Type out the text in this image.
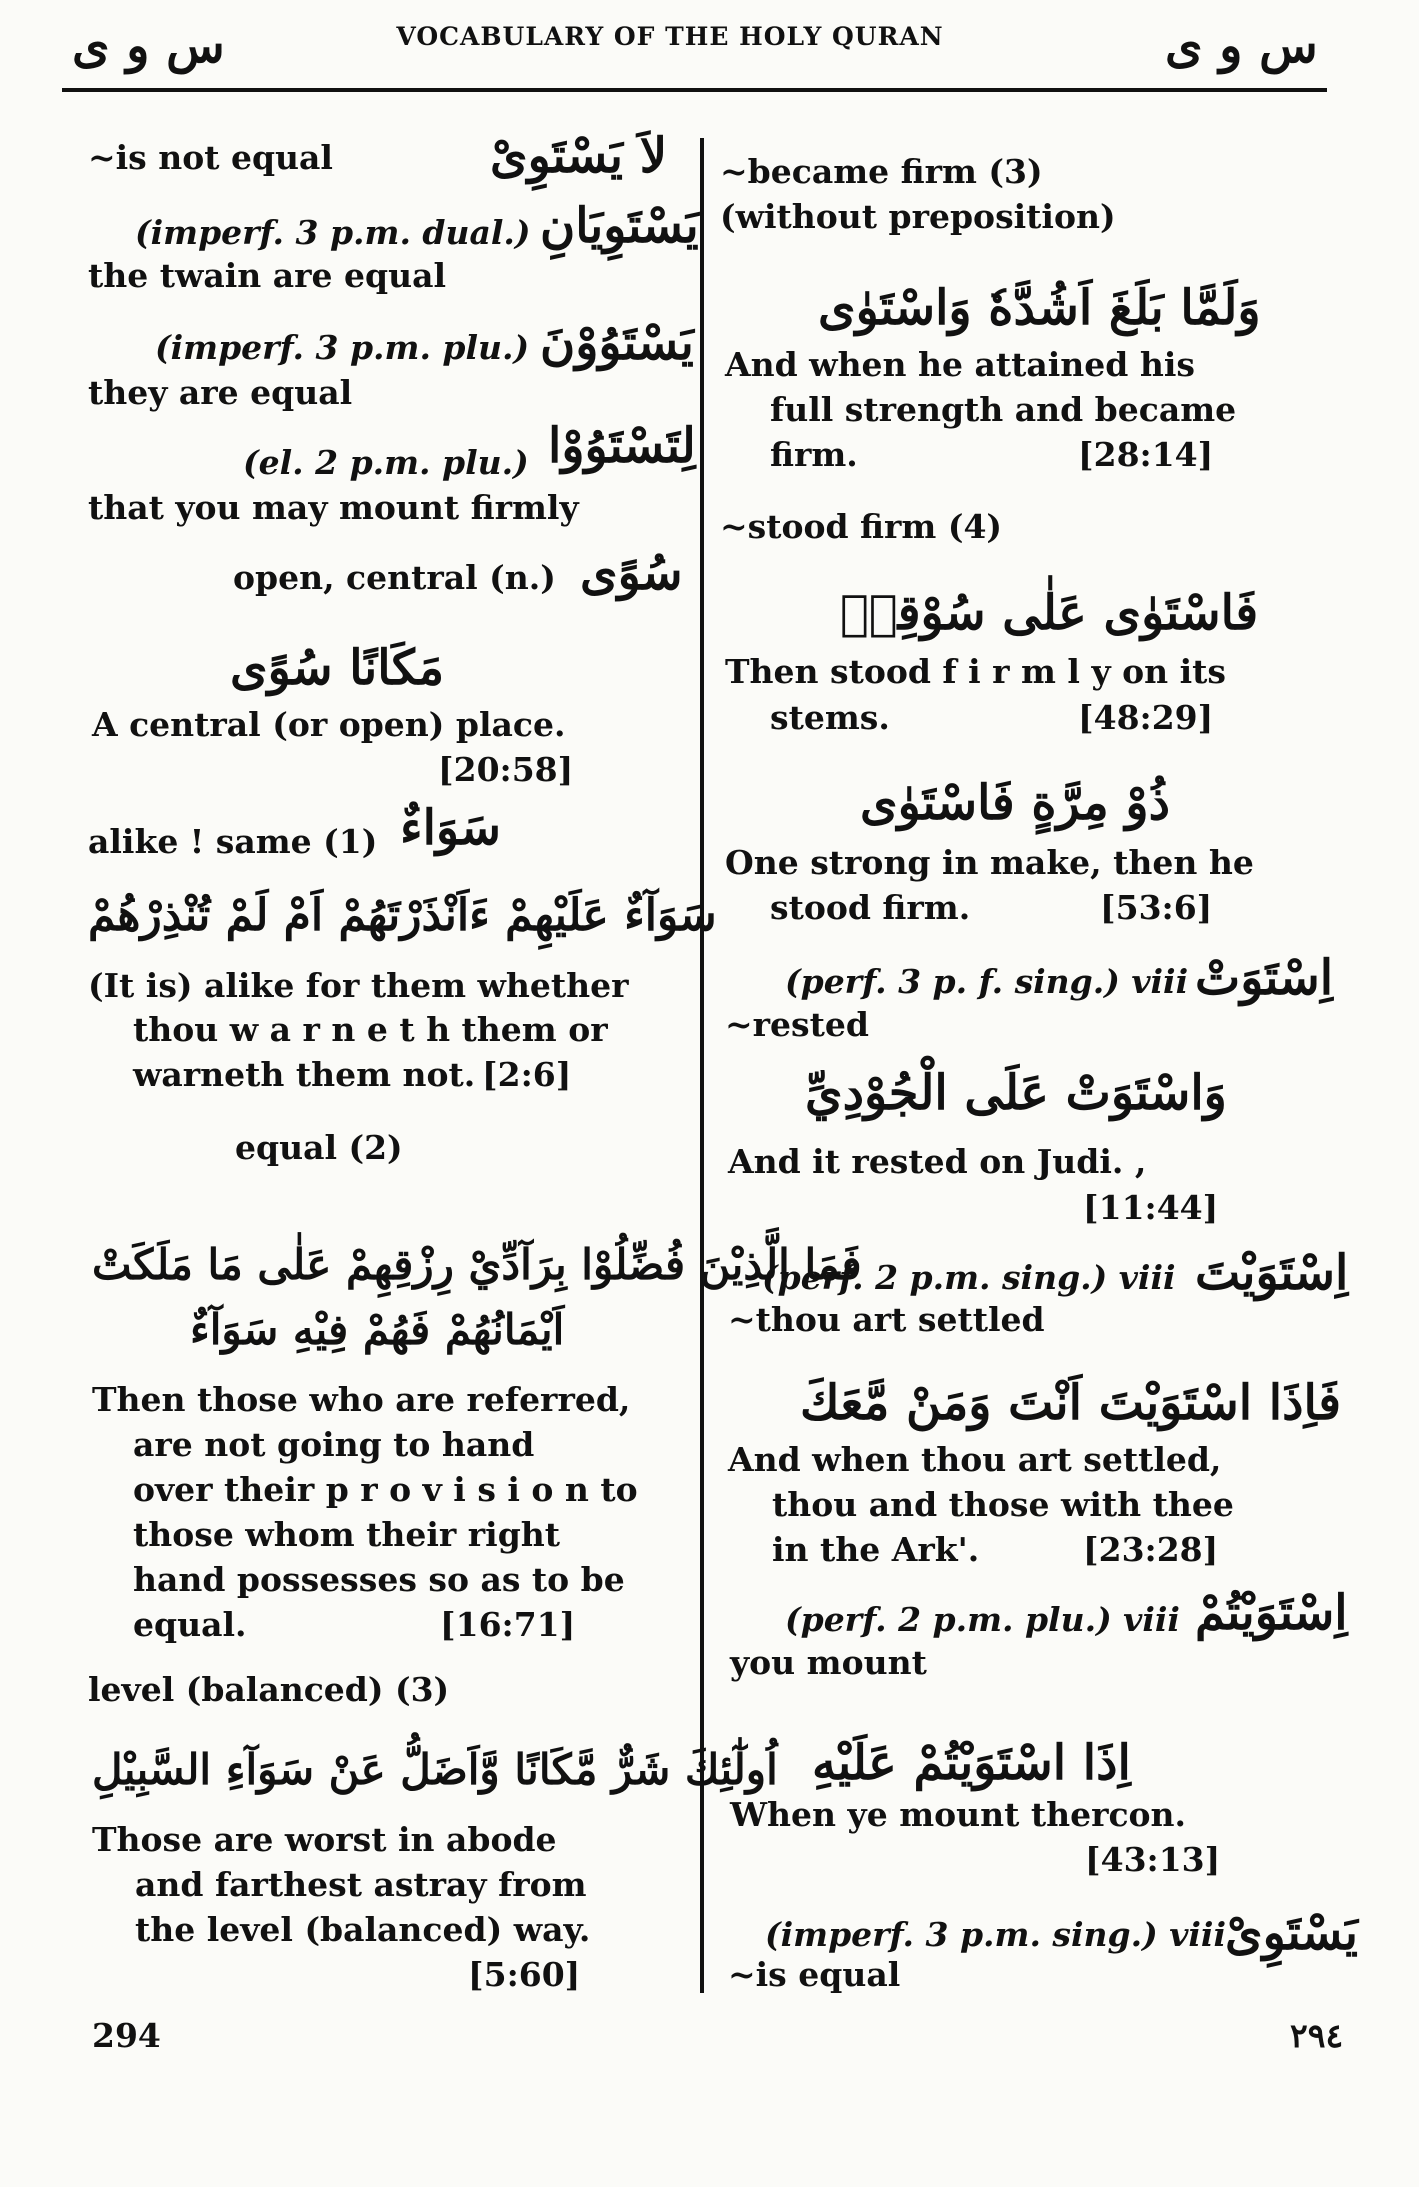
س و ى	VOCABULARY OF THE HOLY QURAN	س و ى
لاَ يَسْتَوِىْ
~is not equal
يَسْتَوِيَانِ
(imperf. 3 p.m. dual.)
the twain are equal
يَسْتَوُوْنَ
(imperf. 3 p.m. plu.)
they are equal
لِتَسْتَوُوْا
(el. 2 p.m. plu.)
that you may mount firmly
سُوًى
open, central (n.)
مَكَانًا سُوًى
A central (or open) place.
[20:58]
سَوَاءٌ
alike ! same (1)
سَوَآءٌ عَلَيْهِمْ ءَاَنْذَرْتَهُمْ اَمْ لَمْ تُنْذِرْهُمْ
(It is) alike for them whether
thou w a r n e t h them or
warneth them not. [2:6]
equal (2)
فَمَا الَّذِيْنَ فُضِّلُوْا بِرَآدِّيْ رِزْقِهِمْ عَلٰى مَا مَلَكَتْ
اَيْمَانُهُمْ فَهُمْ فِيْهِ سَوَآءٌ
Then those who are referred,
are not going to hand
over their p r o v i s i o n to
those whom their right
hand possesses so as to be
equal.	[16:71]
level (balanced) (3)
اُولٰٓئِكَ شَرٌّ مَّكَانًا وَّاَضَلُّ عَنْ سَوَآءِ السَّبِيْلِ
Those are worst in abode
and farthest astray from
the level (balanced) way.
[5:60]
~became firm (3)
(without preposition)
وَلَمَّا بَلَغَ اَشُدَّهٗ وَاسْتَوٰى
And when he attained his
full strength and became
firm.	[28:14]
~stood firm (4)
فَاسْتَوٰى عَلٰى سُوْقِهٖ
Then stood f i r m l y on its
stems.	[48:29]
ذُوْ مِرَّةٍ فَاسْتَوٰى
One strong in make, then he
stood firm.	[53:6]
اِسْتَوَتْ
(perf. 3 p. f. sing.) viii
~rested
وَاسْتَوَتْ عَلَى الْجُوْدِيِّ
And it rested on Judi. ,
[11:44]
اِسْتَوَيْتَ
(perf. 2 p.m. sing.) viii
~thou art settled
فَاِذَا اسْتَوَيْتَ اَنْتَ وَمَنْ مَّعَكَ
And when thou art settled,
thou and those with thee
in the Ark'.	[23:28]
اِسْتَوَيْتُمْ
(perf. 2 p.m. plu.) viii
you mount
اِذَا اسْتَوَيْتُمْ عَلَيْهِ
When ye mount thercon.
[43:13]
يَسْتَوِىْ
(imperf. 3 p.m. sing.) viii
~is equal
294	٢٩٤
